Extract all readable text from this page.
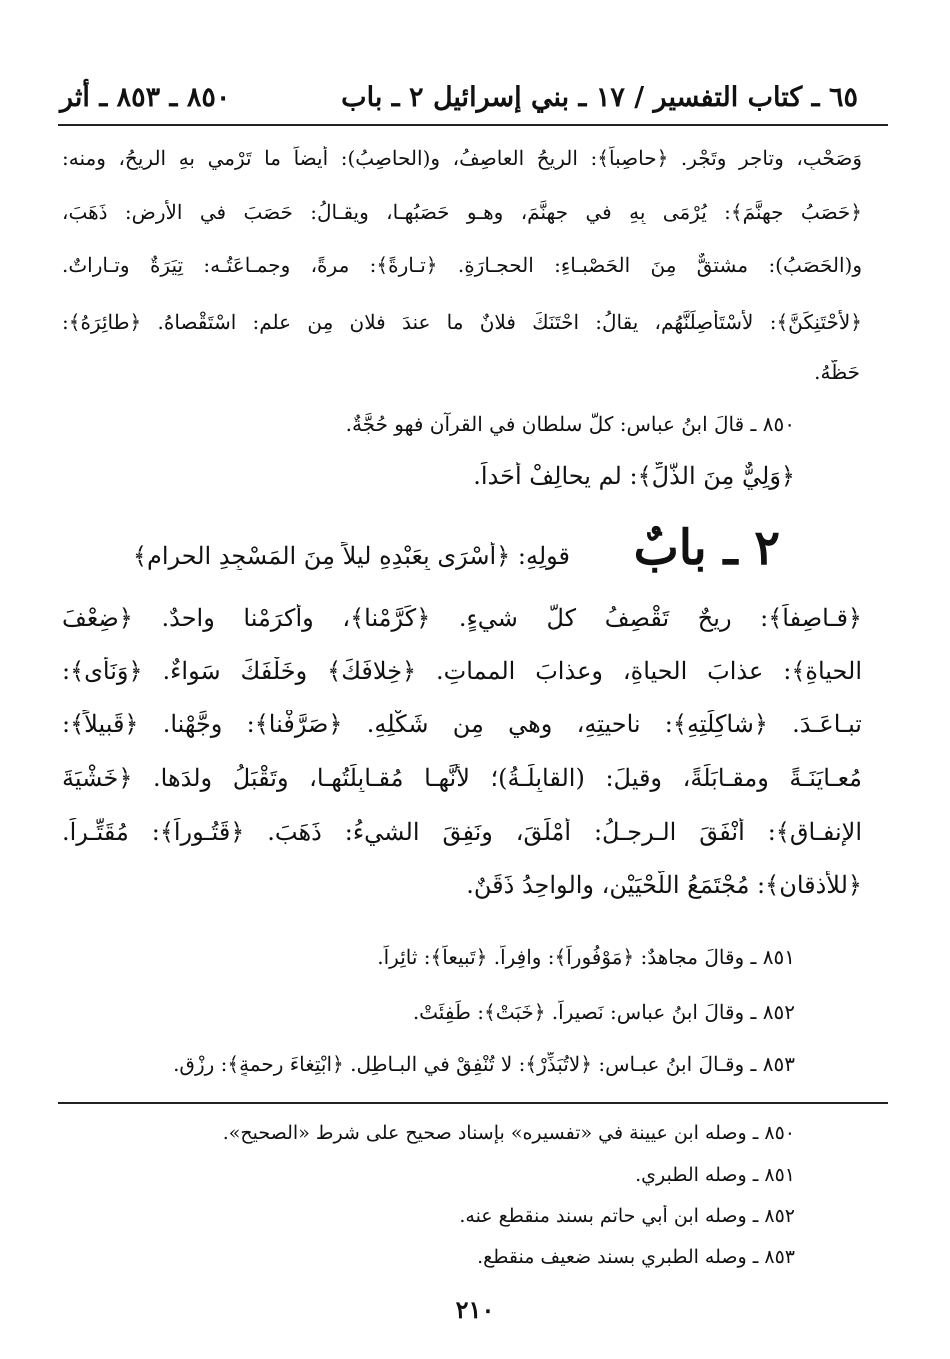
٦٥ ـ كتاب التفسير / ١٧ ـ بني إسرائيل ٢ ـ باب
٨٥٠ ـ ٨٥٣ ـ أثر
وَصَحْبٍ، وتاجرٍ وتَجْرٍ. ﴿حاصِباً﴾: الريحُ العاصِفُ، و(الحاصِبُ): أيضاً ما تَرْمي بهِ الريحُ، ومنه:
﴿حَصَبُ جهنَّمَ﴾: يُرْمَى بِهِ في جهنَّمَ، وهـو حَصَبُهـا، ويقـالُ: حَصَبَ في الأرضِ: ذَهَبَ،
و(الحَصَبُ): مشتقٌّ مِنَ الحَصْبـاءِ: الحجـارَةِ. ﴿تـارةً﴾: مرةً، وجمـاعَتُـه: تِيَرَةٌ وتـاراتٌ.
﴿لأحْتَنِكَنَّ﴾: لأَسْتَأْصِلَنَّهُم، يقالُ: احْتَنَكَ فلانٌ ما عندَ فلانٍ مِن علمٍ: اسْتَقْصاهُ. ﴿طائِرَهُ﴾:
حَظَّهُ.
٨٥٠ ـ قالَ ابنُ عباسٍ: كلُّ سلطانٍ في القرآنِ فهو حُجَّةٌ.
﴿وَلِيٌّ مِنَ الذُّلِّ﴾: لم يحالِفْ أَحَداً.
٢ ـ بابٌ
قولِهِ: ﴿أَسْرَى بِعَبْدِهِ ليلاً مِنَ المَسْجِدِ الحرامِ﴾
﴿قـاصِفاً﴾: ريحٌ تَقْصِفُ كلَّ شيءٍ. ﴿كَرَّمْنا﴾، وأكرَمْنا واحدٌ. ﴿ضِعْفَ
الحياةِ﴾: عذابَ الحياةِ، وعذابَ المماتِ. ﴿خِلافَكَ﴾ وخَلْفَكَ سَواءٌ. ﴿وَنَأَى﴾:
تبـاعَـدَ. ﴿شاكِلَتِهِ﴾: ناحيتِهِ، وهي مِن شَكْلِهِ. ﴿صَرَّفْنا﴾: وجَّهْنا. ﴿قَبيلاً﴾:
مُعـايَنَـةً ومقـابَلَةً، وقيلَ: (القابِلَـةُ)؛ لأنَّهـا مُقـابِلَتُهـا، وتَقْبَلُ ولدَها. ﴿خَشْيَةَ
الإنفـاقِ﴾: أنْفَقَ الـرجـلُ: أَمْلَقَ، ونَفِقَ الشيءُ: ذَهَبَ. ﴿قَتُـوراً﴾: مُقَتِّـراً.
﴿للأذقانِ﴾: مُجْتَمَعُ اللَّحْيَيْنِ، والواحِدُ ذَقَنٌ.
٨٥١ ـ وقالَ مجاهدٌ: ﴿مَوْفُوراً﴾: وافِراً. ﴿تَبيعاً﴾: ثائِراً.
٨٥٢ ـ وقالَ ابنُ عباسٍ: نَصيراً. ﴿خَبَتْ﴾: طَفِئَتْ.
٨٥٣ ـ وقـالَ ابنُ عبـاسٍ: ﴿لاتُبَذِّرْ﴾: لا تُنْفِقْ في البـاطِلِ. ﴿ابْتِغاءَ رحمةٍ﴾: رِزْقٍ.
٨٥٠ ـ وصله ابن عيينة في «تفسيره» بإسناد صحيح على شرط «الصحيح».
٨٥١ ـ وصله الطبري.
٨٥٢ ـ وصله ابن أبي حاتم بسند منقطع عنه.
٨٥٣ ـ وصله الطبري بسند ضعيف منقطع.
٢١٠
